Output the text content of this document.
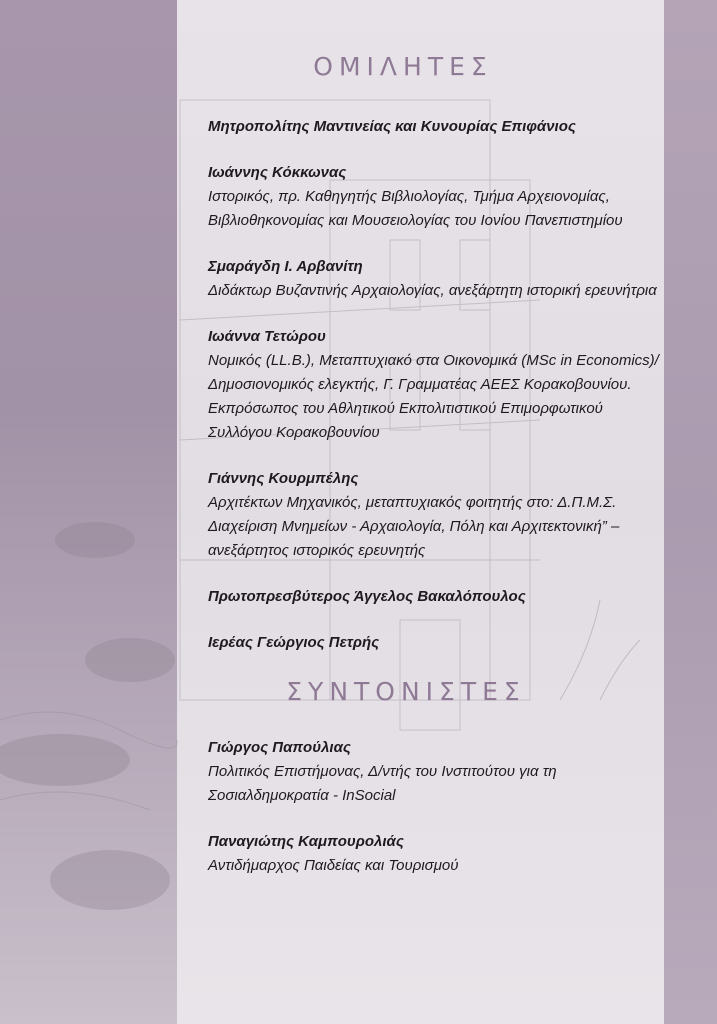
ΟΜΙΛΗΤΕΣ
Μητροπολίτης Μαντινείας και Κυνουρίας Επιφάνιος
Ιωάννης Κόκκωνας
Ιστορικός, πρ. Καθηγητής Βιβλιολογίας, Τμήμα Αρχειονομίας, Βιβλιοθηκονομίας και Μουσειολογίας του Ιονίου Πανεπιστημίου
Σμαράγδη Ι. Αρβανίτη
Διδάκτωρ Βυζαντινής Αρχαιολογίας, ανεξάρτητη ιστορική ερευνήτρια
Ιωάννα Τετώρου
Νομικός (LL.B.), Μεταπτυχιακό στα Οικονομικά (MSc in Economics)/Δημοσιονομικός ελεγκτής, Γ. Γραμματέας ΑΕΕΣ Κορακοβουνίου. Εκπρόσωπος του Αθλητικού Εκπολιτιστικού Επιμορφωτικού Συλλόγου Κορακοβουνίου
Γιάννης Κουρμπέλης
Αρχιτέκτων Μηχανικός, μεταπτυχιακός φοιτητής στο: Δ.Π.Μ.Σ. Διαχείριση Μνημείων - Αρχαιολογία, Πόλη και Αρχιτεκτονική” – ανεξάρτητος ιστορικός ερευνητής
Πρωτοπρεσβύτερος Άγγελος Βακαλόπουλος
Ιερέας Γεώργιος Πετρής
ΣΥΝΤΟΝΙΣΤΕΣ
Γιώργος Παπούλιας
Πολιτικός Επιστήμονας, Δ/ντής του Ινστιτούτου για τη Σοσιαλδημοκρατία - InSocial
Παναγιώτης Καμπουρολιάς
Αντιδήμαρχος Παιδείας και Τουρισμού
